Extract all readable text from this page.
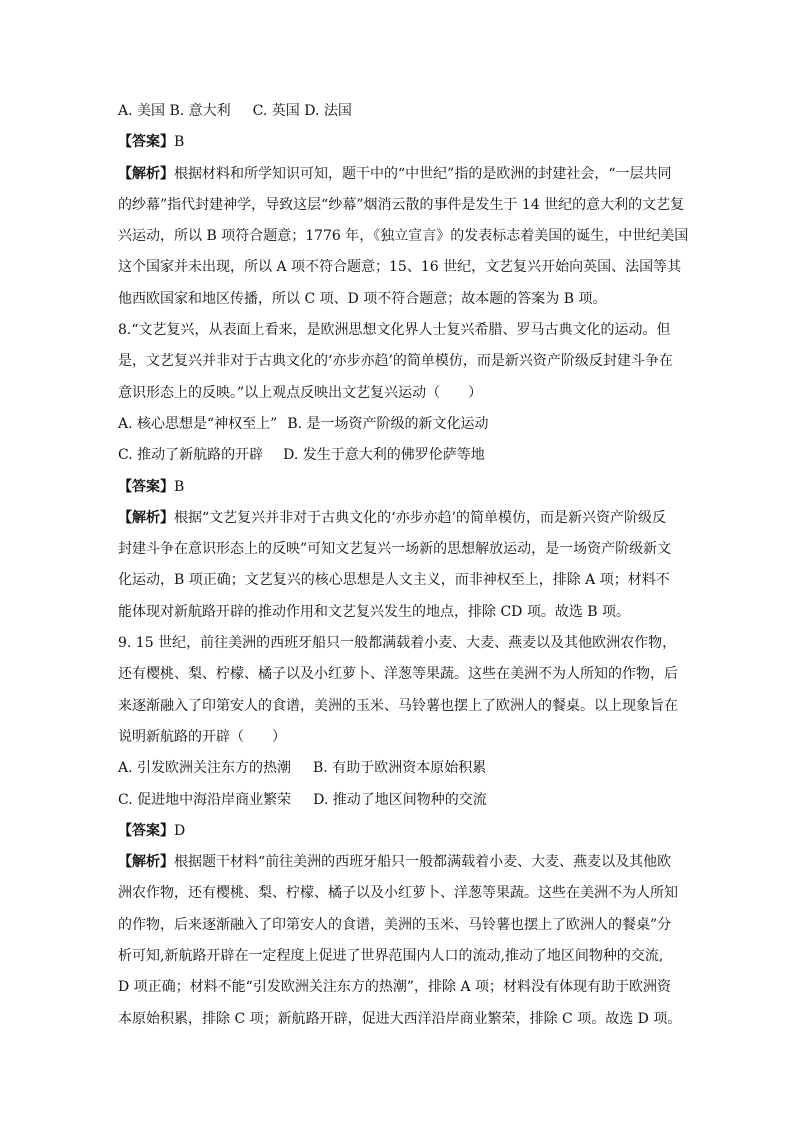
A. 美国 B. 意大利 C. 英国 D. 法国
【答案】B
【解析】根据材料和所学知识可知，题干中的“中世纪”指的是欧洲的封建社会，“一层共同
的纱幕”指代封建神学，导致这层“纱幕”烟消云散的事件是发生于 14 世纪的意大利的文艺复
兴运动，所以 B 项符合题意；1776 年，《独立宣言》的发表标志着美国的诞生，中世纪美国
这个国家并未出现，所以 A 项不符合题意；15、16 世纪，文艺复兴开始向英国、法国等其
他西欧国家和地区传播，所以 C 项、D 项不符合题意；故本题的答案为 B 项。
8.“文艺复兴，从表面上看来，是欧洲思想文化界人士复兴希腊、罗马古典文化的运动。但
是，文艺复兴并非对于古典文化的‘亦步亦趋’的简单模仿，而是新兴资产阶级反封建斗争在
意识形态上的反映。”以上观点反映出文艺复兴运动（　　）
A. 核心思想是“神权至上” B. 是一场资产阶级的新文化运动
C. 推动了新航路的开辟 D. 发生于意大利的佛罗伦萨等地
【答案】B
【解析】根据“文艺复兴并非对于古典文化的‘亦步亦趋’的简单模仿，而是新兴资产阶级反
封建斗争在意识形态上的反映”可知文艺复兴一场新的思想解放运动，是一场资产阶级新文
化运动，B 项正确；文艺复兴的核心思想是人文主义，而非神权至上，排除 A 项；材料不
能体现对新航路开辟的推动作用和文艺复兴发生的地点，排除 CD 项。故选 B 项。
9. 15 世纪，前往美洲的西班牙船只一般都满载着小麦、大麦、燕麦以及其他欧洲农作物，
还有樱桃、梨、柠檬、橘子以及小红萝卜、洋葱等果蔬。这些在美洲不为人所知的作物，后
来逐渐融入了印第安人的食谱，美洲的玉米、马铃薯也摆上了欧洲人的餐桌。以上现象旨在
说明新航路的开辟（　　）
A. 引发欧洲关注东方的热潮 B. 有助于欧洲资本原始积累
C. 促进地中海沿岸商业繁荣 D. 推动了地区间物种的交流
【答案】D
【解析】根据题干材料“前往美洲的西班牙船只一般都满载着小麦、大麦、燕麦以及其他欧
洲农作物，还有樱桃、梨、柠檬、橘子以及小红萝卜、洋葱等果蔬。这些在美洲不为人所知
的作物，后来逐渐融入了印第安人的食谱，美洲的玉米、马铃薯也摆上了欧洲人的餐桌”分
析可知,新航路开辟在一定程度上促进了世界范围内人口的流动,推动了地区间物种的交流,
D 项正确；材料不能“引发欧洲关注东方的热潮”，排除 A 项；材料没有体现有助于欧洲资
本原始积累，排除 C 项；新航路开辟，促进大西洋沿岸商业繁荣，排除 C 项。故选 D 项。
